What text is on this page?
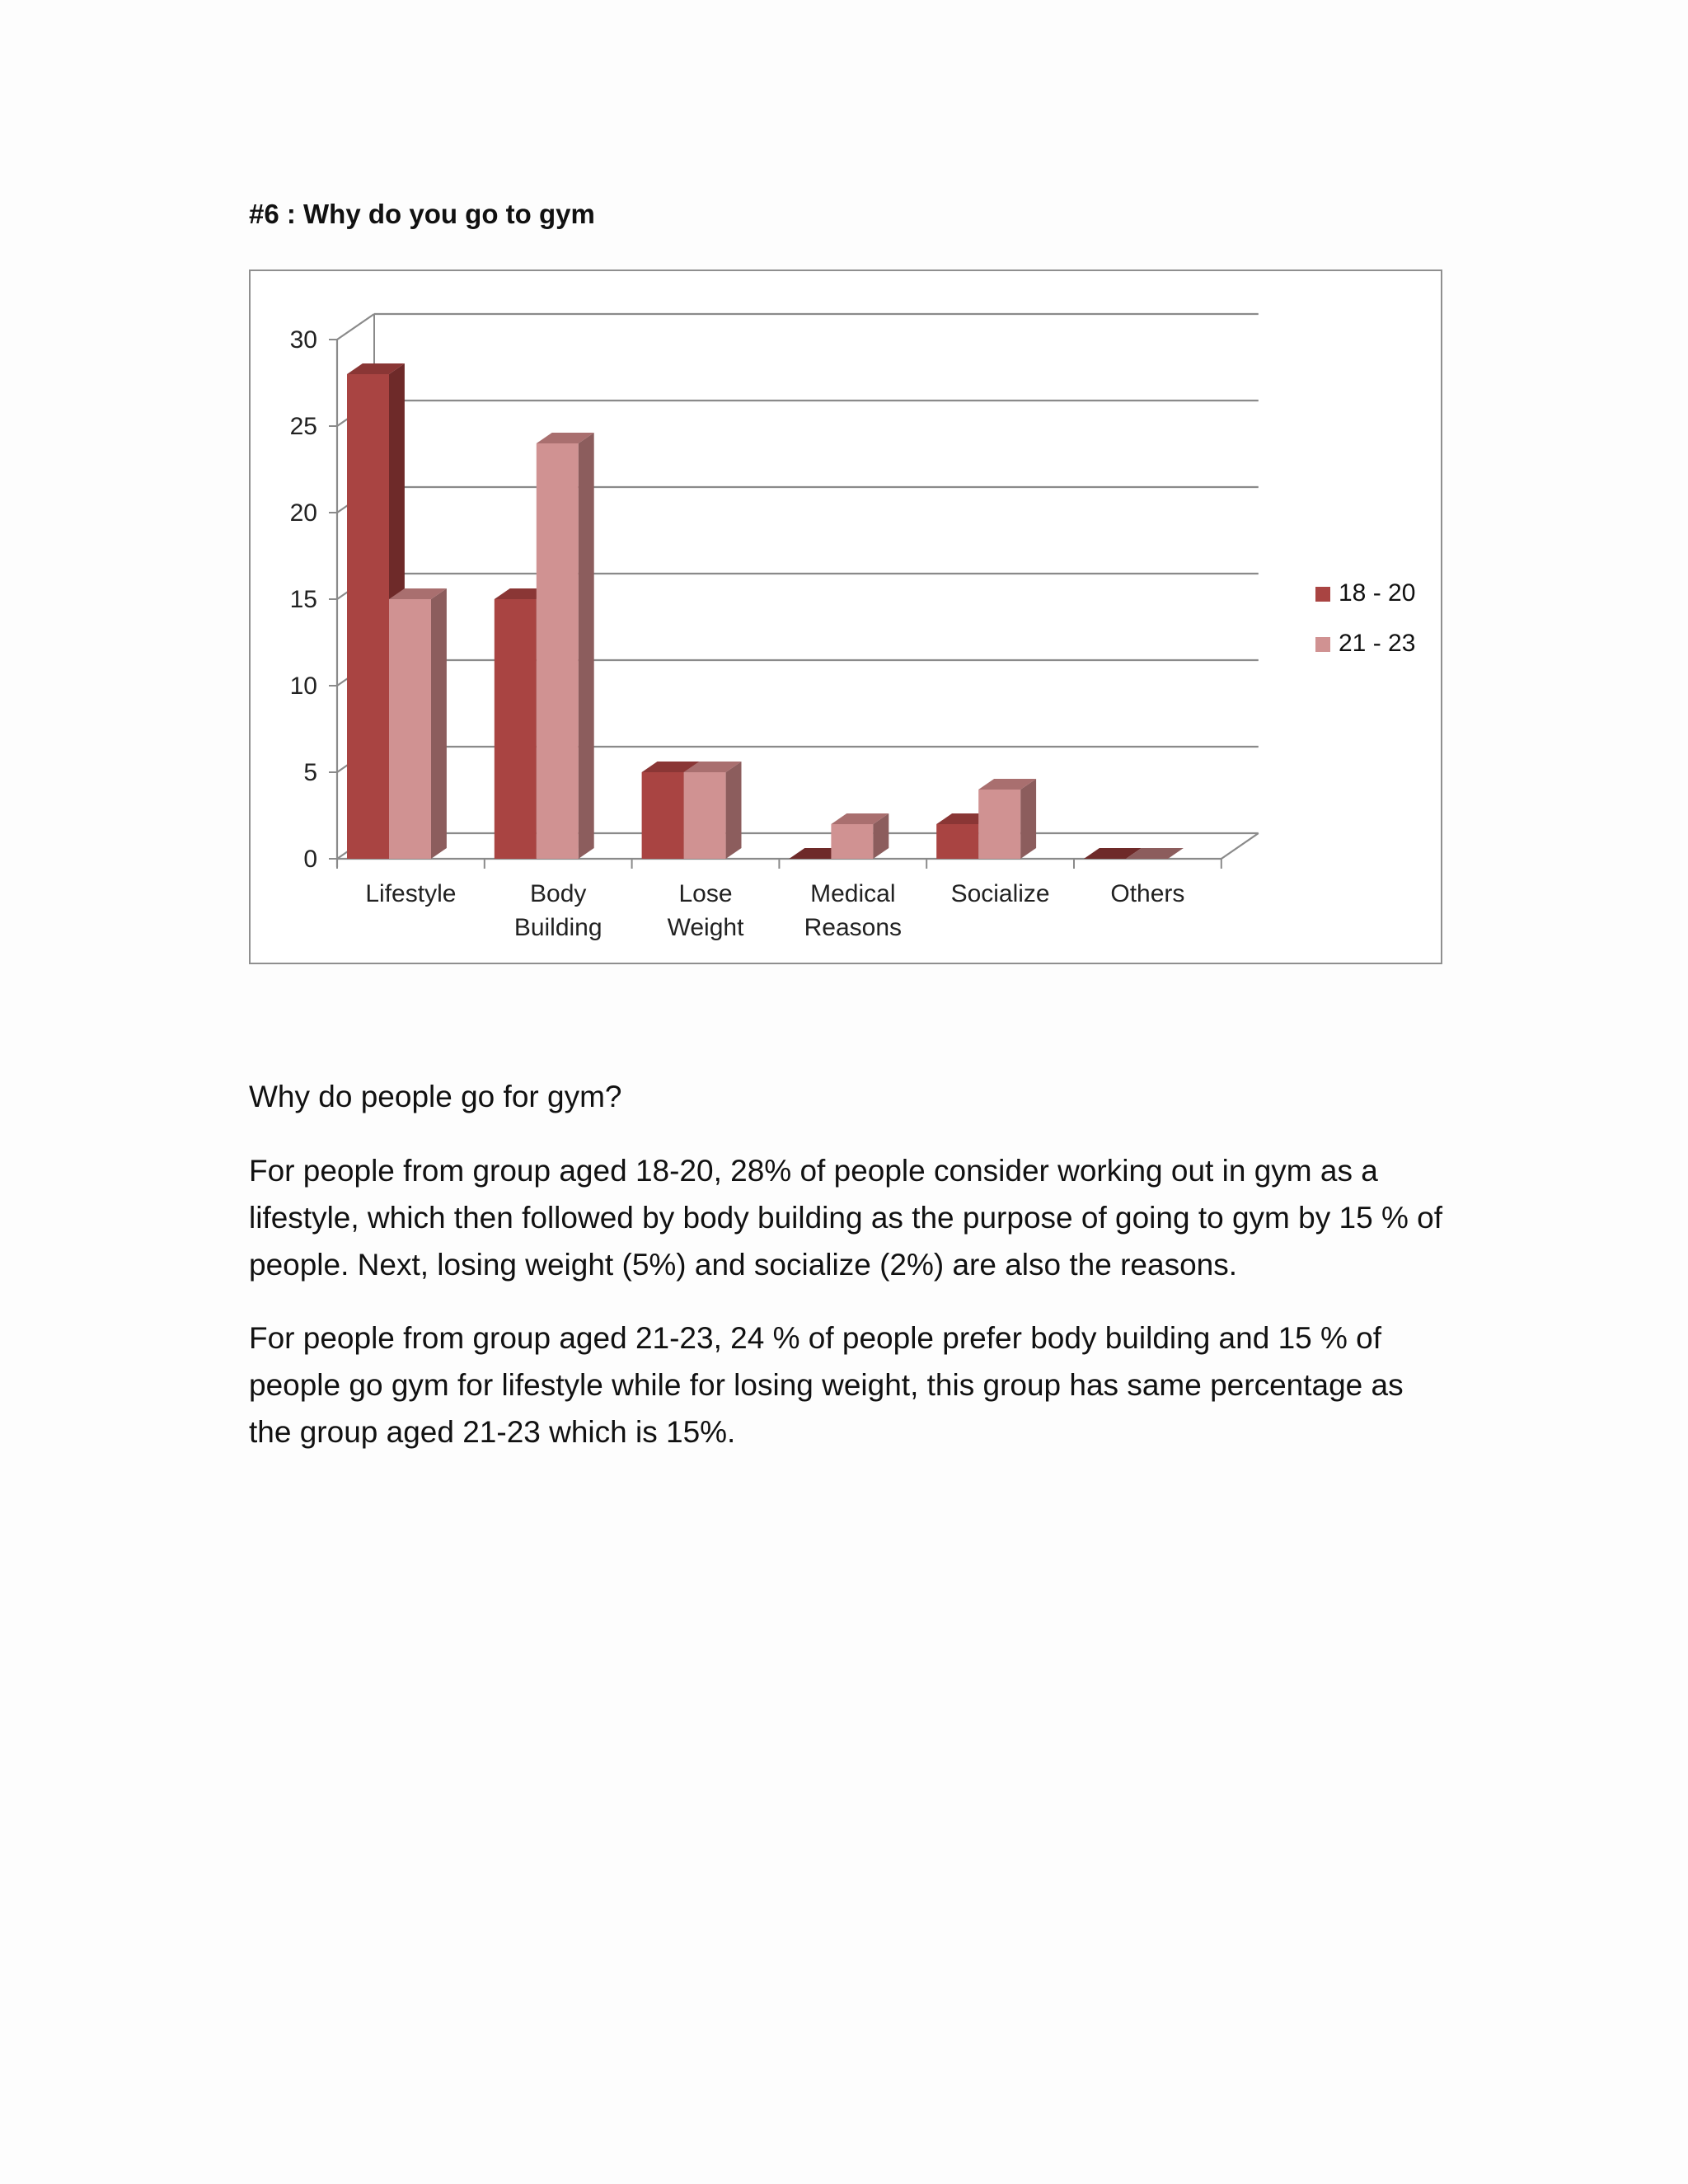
#6 : Why do you go to gym
0
5
10
15
20
25
30
Lifestyle	Body
Building
Lose
Weight
Medical
Reasons
Socialize Others
18 - 20
21 - 23

Why do people go for gym?

For people from group aged 18-20, 28% of people consider working out in gym as a lifestyle, which then followed by body building as the purpose of going to gym by 15 % of people. Next, losing weight (5%) and socialize (2%) are also the reasons.

For people from group aged 21-23, 24 % of people prefer body building and 15 % of people go gym for lifestyle while for losing weight, this group has same percentage as the group aged 21-23 which is 15%.
